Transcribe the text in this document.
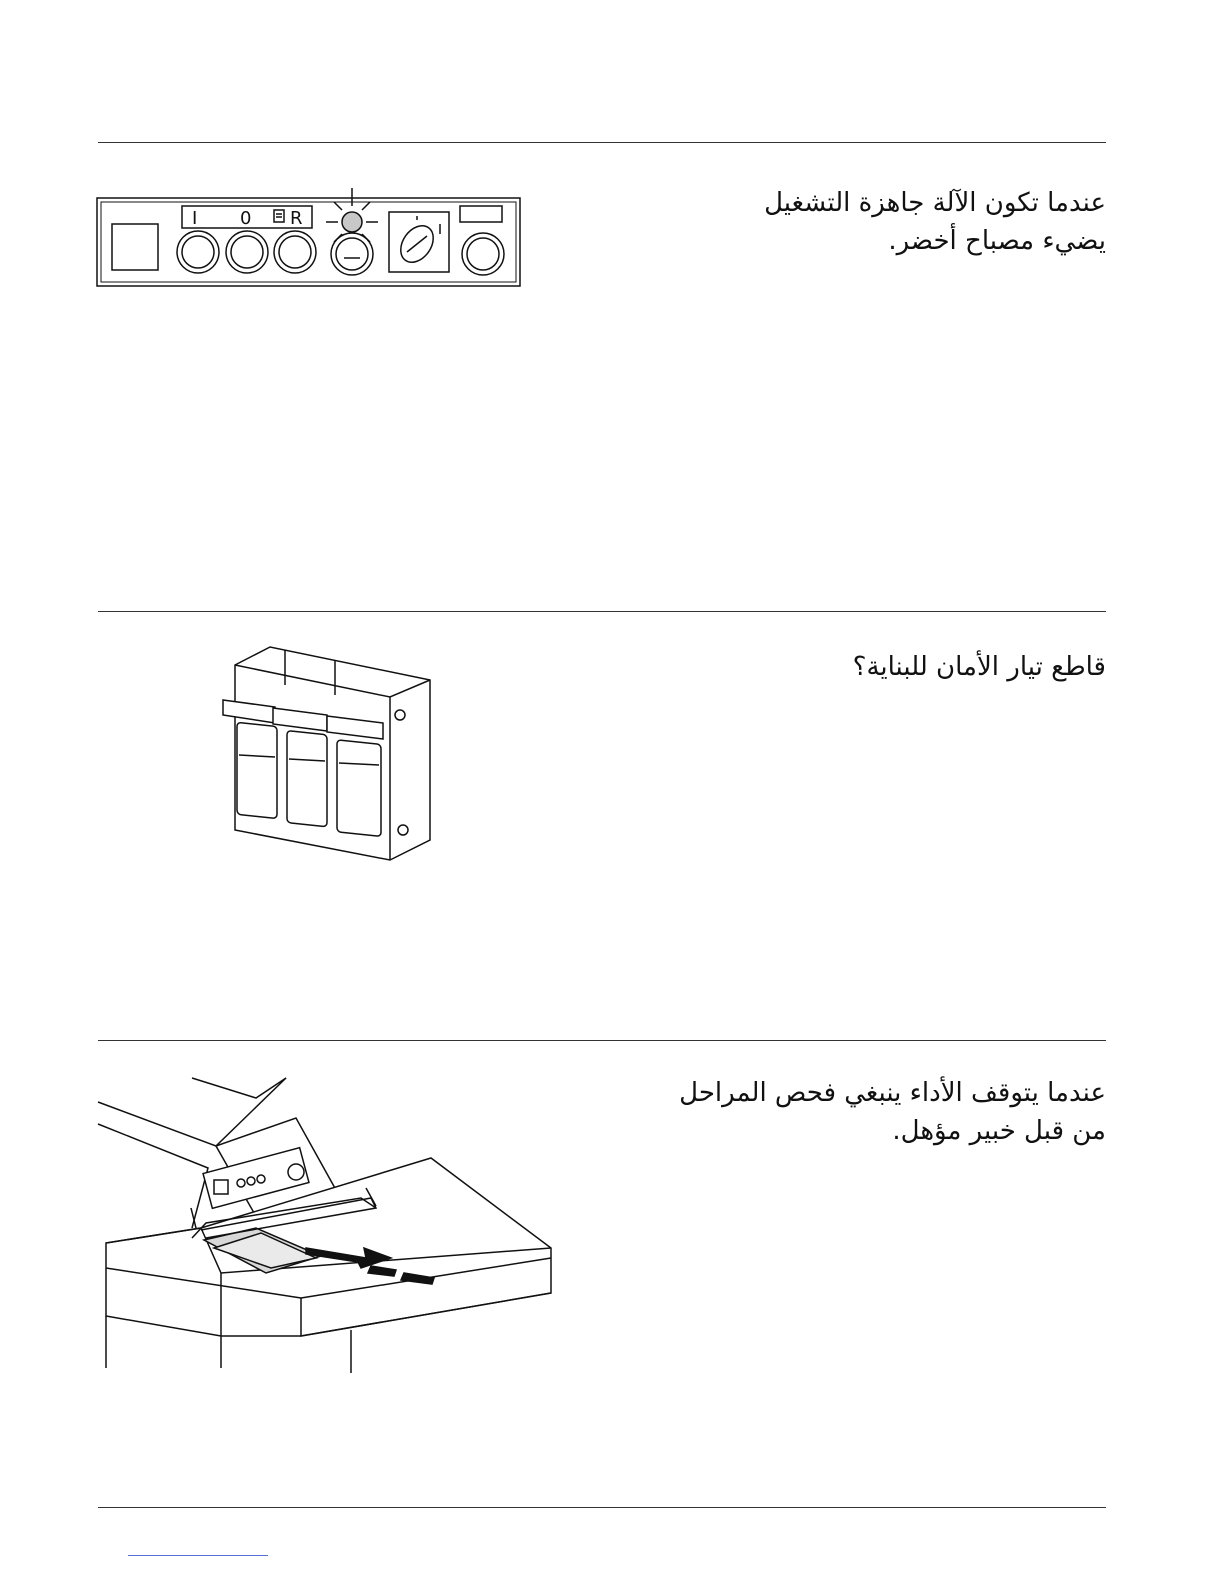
I 0 R
عندما تكون الآلة جاهزة التشغيل
يضيء مصباح أخضر.
قاطع تيار الأمان للبناية؟
عندما يتوقف الأداء ينبغي فحص المراحل
من قبل خبير مؤهل.
